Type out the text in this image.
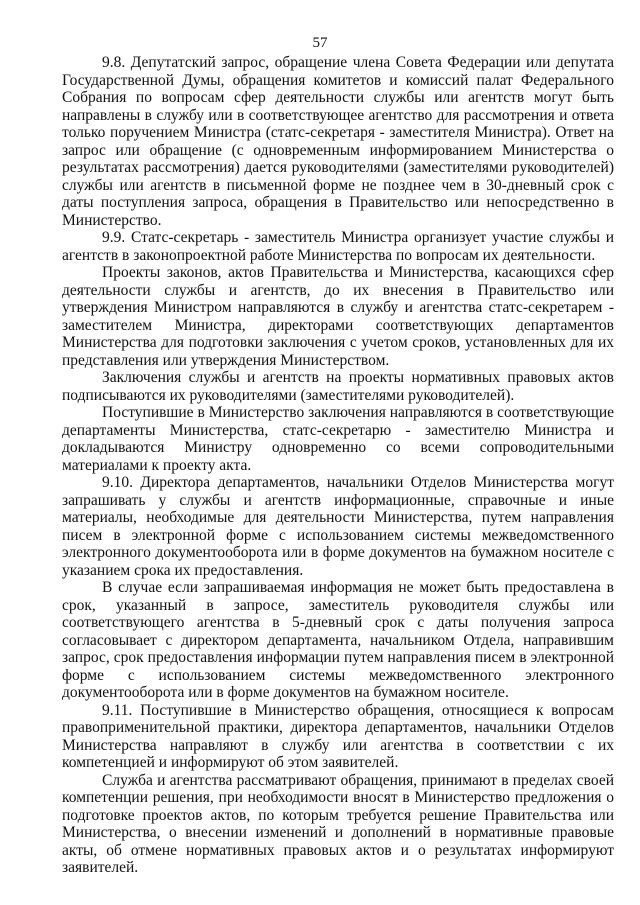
57

9.8. Депутатский запрос, обращение члена Совета Федерации или депутата Государственной Думы, обращения комитетов и комиссий палат Федерального Собрания по вопросам сфер деятельности службы или агентств могут быть направлены в службу или в соответствующее агентство для рассмотрения и ответа только поручением Министра (статс-секретаря - заместителя Министра). Ответ на запрос или обращение (с одновременным информированием Министерства о результатах рассмотрения) дается руководителями (заместителями руководителей) службы или агентств в письменной форме не позднее чем в 30-дневный срок с даты поступления запроса, обращения в Правительство или непосредственно в Министерство.

9.9. Статс-секретарь - заместитель Министра организует участие службы и агентств в законопроектной работе Министерства по вопросам их деятельности.

Проекты законов, актов Правительства и Министерства, касающихся сфер деятельности службы и агентств, до их внесения в Правительство или утверждения Министром направляются в службу и агентства статс-секретарем - заместителем Министра, директорами соответствующих департаментов Министерства для подготовки заключения с учетом сроков, установленных для их представления или утверждения Министерством.

Заключения службы и агентств на проекты нормативных правовых актов подписываются их руководителями (заместителями руководителей).

Поступившие в Министерство заключения направляются в соответствующие департаменты Министерства, статс-секретарю - заместителю Министра и докладываются Министру одновременно со всеми сопроводительными материалами к проекту акта.

9.10. Директора департаментов, начальники Отделов Министерства могут запрашивать у службы и агентств информационные, справочные и иные материалы, необходимые для деятельности Министерства, путем направления писем в электронной форме с использованием системы межведомственного электронного документооборота или в форме документов на бумажном носителе с указанием срока их предоставления.

В случае если запрашиваемая информация не может быть предоставлена в срок, указанный в запросе, заместитель руководителя службы или соответствующего агентства в 5-дневный срок с даты получения запроса согласовывает с директором департамента, начальником Отдела, направившим запрос, срок предоставления информации путем направления писем в электронной форме с использованием системы межведомственного электронного документооборота или в форме документов на бумажном носителе.

9.11. Поступившие в Министерство обращения, относящиеся к вопросам правоприменительной практики, директора департаментов, начальники Отделов Министерства направляют в службу или агентства в соответствии с их компетенцией и информируют об этом заявителей.

Служба и агентства рассматривают обращения, принимают в пределах своей компетенции решения, при необходимости вносят в Министерство предложения о подготовке проектов актов, по которым требуется решение Правительства или Министерства, о внесении изменений и дополнений в нормативные правовые акты, об отмене нормативных правовых актов и о результатах информируют заявителей.
